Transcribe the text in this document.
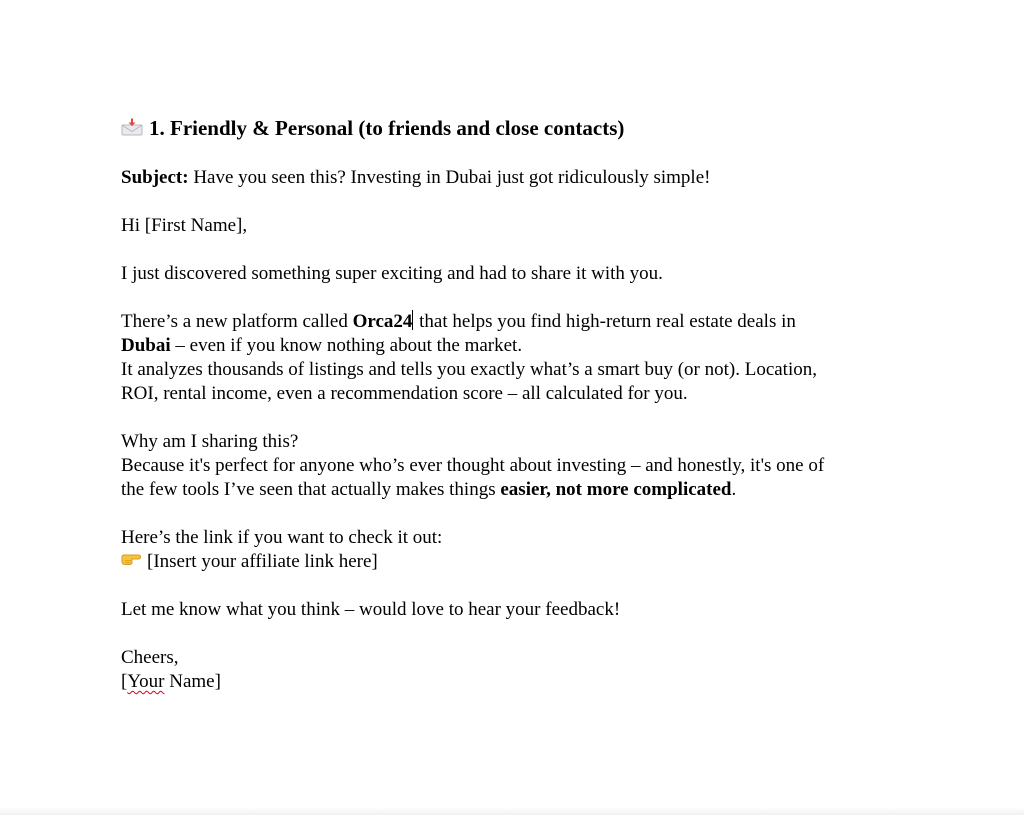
1. Friendly & Personal (to friends and close contacts)
Subject: Have you seen this? Investing in Dubai just got ridiculously simple!
Hi [First Name],
I just discovered something super exciting and had to share it with you.
There’s a new platform called Orca24 that helps you find high-return real estate deals in
Dubai – even if you know nothing about the market.
It analyzes thousands of listings and tells you exactly what’s a smart buy (or not). Location,
ROI, rental income, even a recommendation score – all calculated for you.
Why am I sharing this?
Because it's perfect for anyone who’s ever thought about investing – and honestly, it's one of
the few tools I’ve seen that actually makes things easier, not more complicated.
Here’s the link if you want to check it out:
[Insert your affiliate link here]
Let me know what you think – would love to hear your feedback!
Cheers,
[Your Name]
